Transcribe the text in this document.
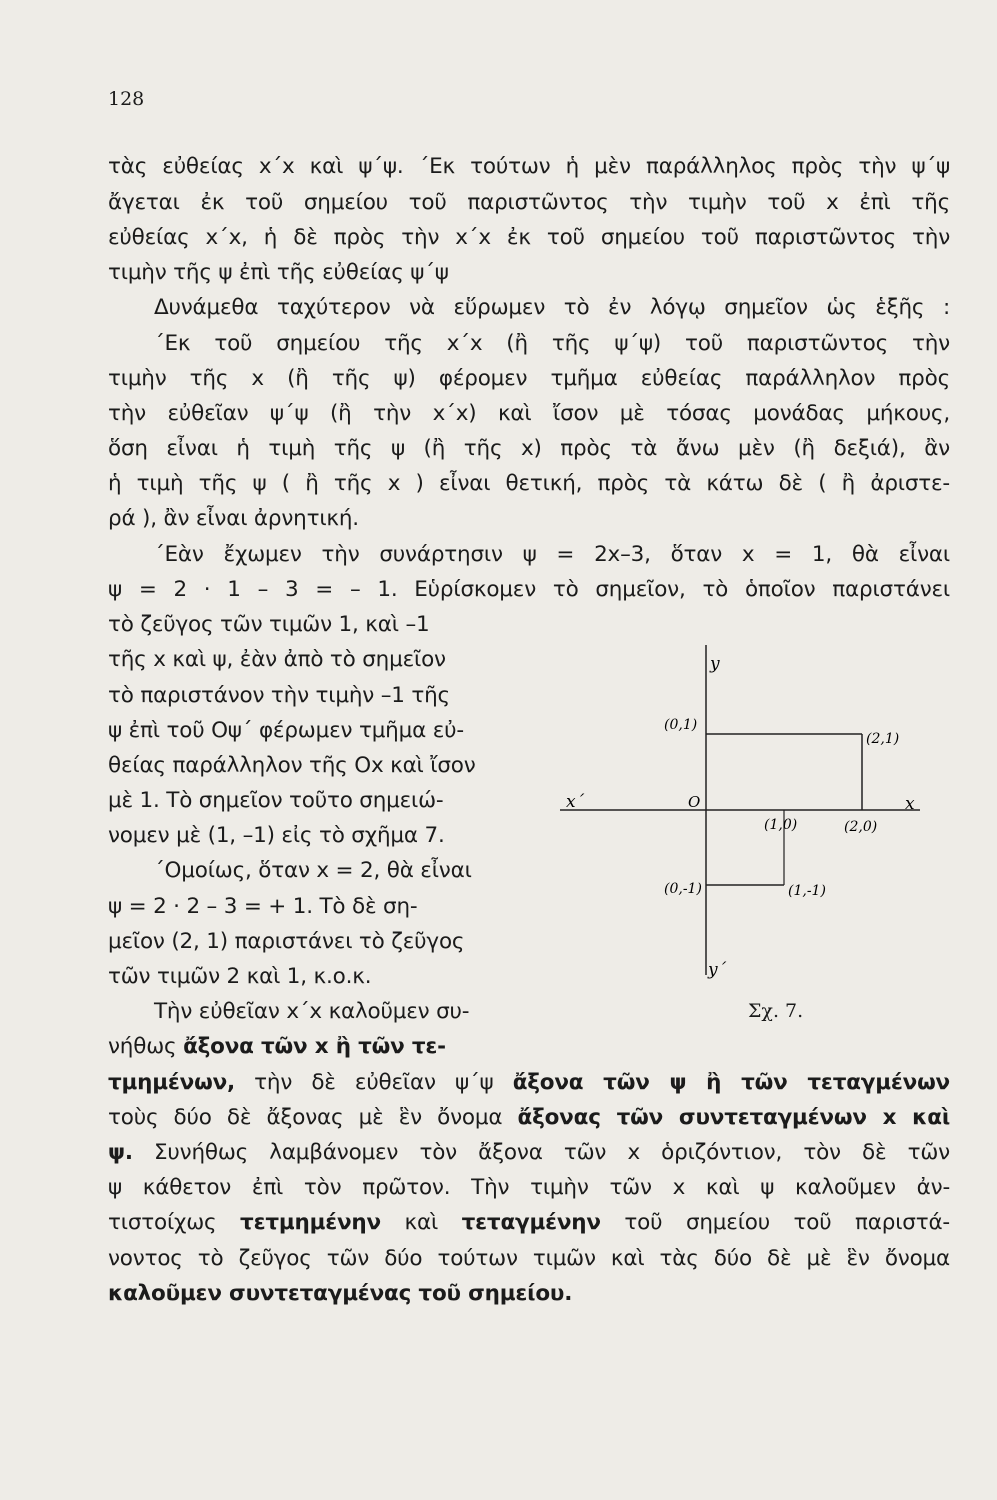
128
τὰς εὐθείας x΄x καὶ ψ΄ψ. ΄Εκ τούτων ἡ μὲν παράλληλος πρὸς τὴν ψ΄ψ
ἄγεται ἐκ τοῦ σημείου τοῦ παριστῶντος τὴν τιμὴν τοῦ x ἐπὶ τῆς
εὐθείας x΄x, ἡ δὲ πρὸς τὴν x΄x ἐκ τοῦ σημείου τοῦ παριστῶντος τὴν
τιμὴν τῆς ψ ἐπὶ τῆς εὐθείας ψ΄ψ
Δυνάμεθα ταχύτερον νὰ εὕρωμεν τὸ ἐν λόγῳ σημεῖον ὡς ἑξῆς :
΄Εκ τοῦ σημείου τῆς x΄x (ἢ τῆς ψ΄ψ) τοῦ παριστῶντος τὴν
τιμὴν τῆς x (ἢ τῆς ψ) φέρομεν τμῆμα εὐθείας παράλληλον πρὸς
τὴν εὐθεῖαν ψ΄ψ (ἢ τὴν x΄x) καὶ ἴσον μὲ τόσας μονάδας μήκους,
ὅση εἶναι ἡ τιμὴ τῆς ψ (ἢ τῆς x) πρὸς τὰ ἄνω μὲν (ἢ δεξιά), ἂν
ἡ τιμὴ τῆς ψ ( ἢ τῆς x ) εἶναι θετική, πρὸς τὰ κάτω δὲ ( ἢ ἀριστε-
ρά ), ἂν εἶναι ἀρνητική.
΄Εὰν ἔχωμεν τὴν συνάρτησιν ψ = 2x–3, ὅταν x = 1, θὰ εἶναι
ψ = 2 · 1 – 3 = – 1. Εὑρίσκομεν τὸ σημεῖον, τὸ ὁποῖον παριστάνει
τὸ ζεῦγος τῶν τιμῶν 1, καὶ –1
τῆς x καὶ ψ, ἐὰν ἀπὸ τὸ σημεῖον
τὸ παριστάνον τὴν τιμὴν –1 τῆς
ψ ἐπὶ τοῦ Οψ΄ φέρωμεν τμῆμα εὐ-
θείας παράλληλον τῆς Οx καὶ ἴσον
μὲ 1. Τὸ σημεῖον τοῦτο σημειώ-
νομεν μὲ (1, –1) εἰς τὸ σχῆμα 7.
΄Ομοίως, ὅταν x = 2, θὰ εἶναι
ψ = 2 · 2 – 3 = + 1. Τὸ δὲ ση-
μεῖον (2, 1) παριστάνει τὸ ζεῦγος
τῶν τιμῶν 2 καὶ 1, κ.ο.κ.
Τὴν εὐθεῖαν x΄x καλοῦμεν συ-
νήθως ἄξονα τῶν x ἢ τῶν τε-
τμημένων, τὴν δὲ εὐθεῖαν ψ΄ψ ἄξονα τῶν ψ ἢ τῶν τεταγμένων
τοὺς δύο δὲ ἄξονας μὲ ἓν ὄνομα ἄξονας τῶν συντεταγμένων x καὶ
ψ. Συνήθως λαμβάνομεν τὸν ἄξονα τῶν x ὁριζόντιον, τὸν δὲ τῶν
ψ κάθετον ἐπὶ τὸν πρῶτον. Τὴν τιμὴν τῶν x καὶ ψ καλοῦμεν ἀν-
τιστοίχως τετμημένην καὶ τεταγμένην τοῦ σημείου τοῦ παριστά-
νοντος τὸ ζεῦγος τῶν δύο τούτων τιμῶν καὶ τὰς δύο δὲ μὲ ἓν ὄνομα
καλοῦμεν συντεταγμένας τοῦ σημείου.
y
y΄
x
x΄	O
(0,1)
(2,1)
(1,0)	(2,0)
(0,-1)	(1,-1)
Σχ. 7.
